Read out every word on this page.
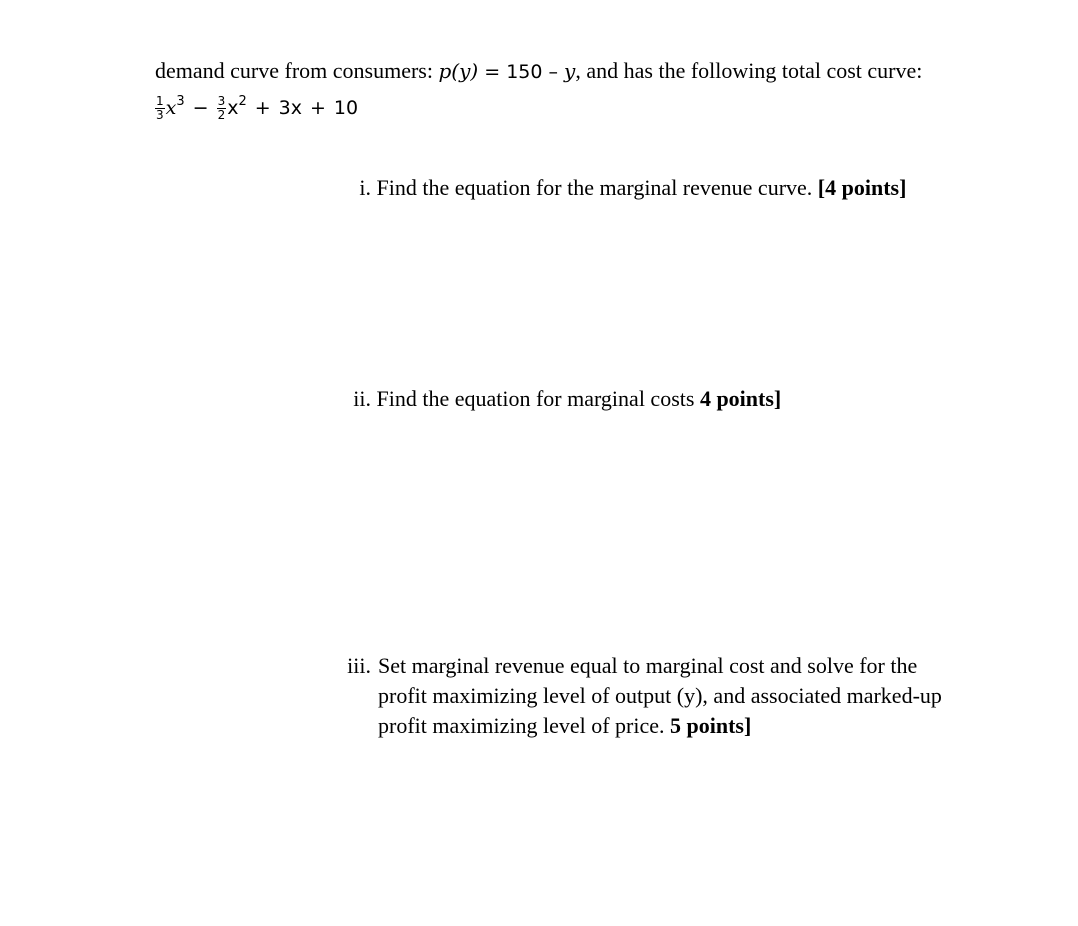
demand curve from consumers: p(y) = 150 – y, and has the following total cost curve:
$\frac{1}{3}$ x $3 - \frac{3}{2}$ x 2 + 3x + 10
i. Find the equation for the marginal revenue curve. [4 points]
ii. Find the equation for marginal costs 4 points]
iii. Set marginal revenue equal to marginal cost and solve for the
profit maximizing level of output (y), and associated marked-up
profit maximizing level of price. 5 points]
